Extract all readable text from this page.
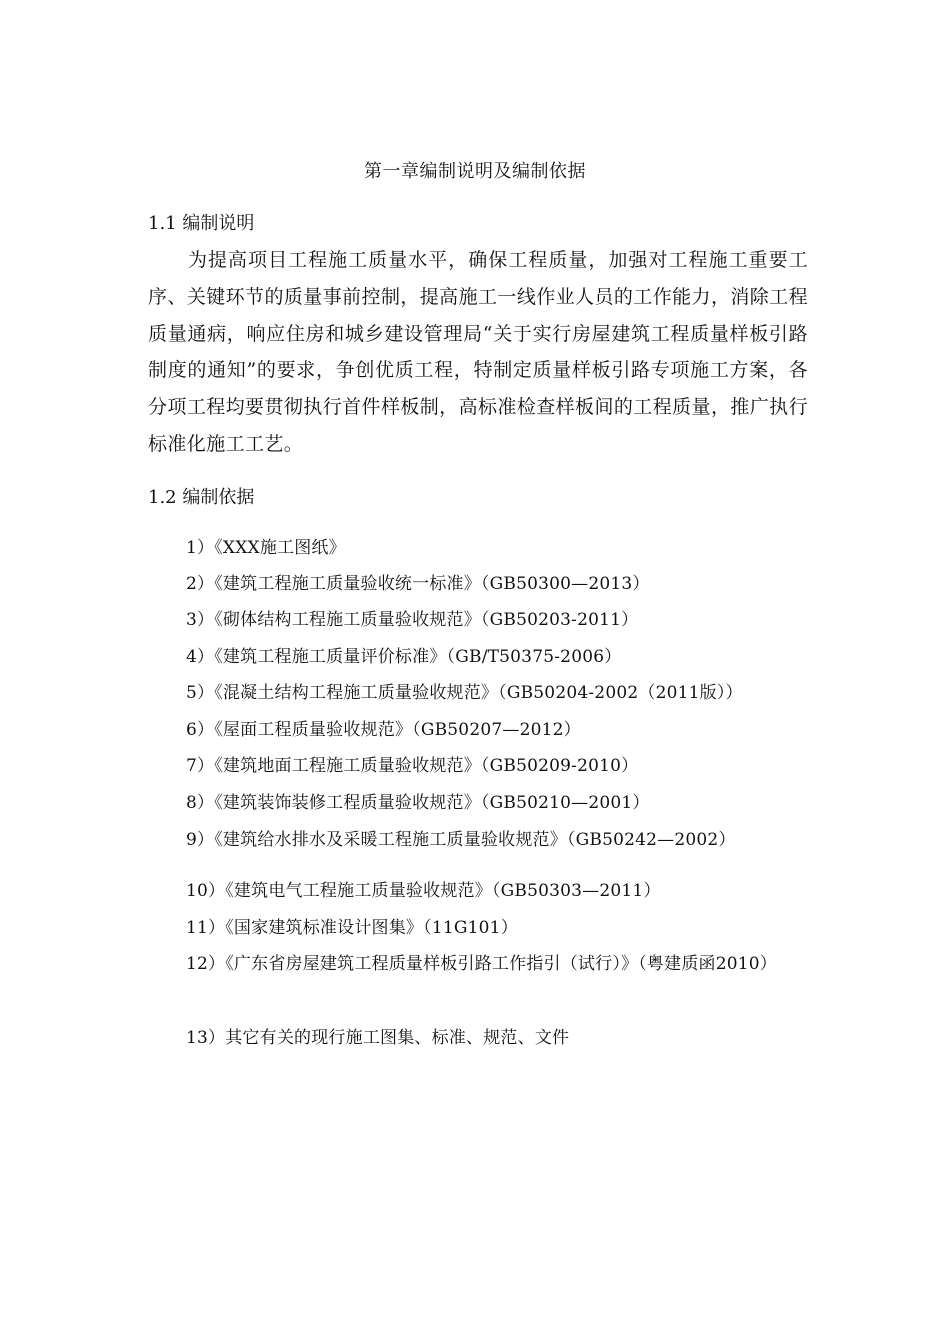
第一章编制说明及编制依据
1.1 编制说明

为提高项目工程施工质量水平，确保工程质量，加强对工程施工重要工序、关键环节的质量事前控制，提高施工一线作业人员的工作能力，消除工程质量通病，响应住房和城乡建设管理局“关于实行房屋建筑工程质量样板引路制度的通知”的要求，争创优质工程，特制定质量样板引路专项施工方案，各分项工程均要贯彻执行首件样板制，高标准检查样板间的工程质量，推广执行标准化施工工艺。

1.2 编制依据
1）《XXX施工图纸》
2）《建筑工程施工质量验收统一标准》（GB50300—2013）
3）《砌体结构工程施工质量验收规范》（GB50203-2011）
4）《建筑工程施工质量评价标准》（GB/T50375-2006）
5）《混凝土结构工程施工质量验收规范》（GB50204-2002（2011版））
6）《屋面工程质量验收规范》（GB50207—2012）
7）《建筑地面工程施工质量验收规范》（GB50209-2010）
8）《建筑装饰装修工程质量验收规范》（GB50210—2001）
9）《建筑给水排水及采暖工程施工质量验收规范》（GB50242—2002）
10）《建筑电气工程施工质量验收规范》（GB50303—2011）
11）《国家建筑标准设计图集》（11G101）

12）《广东省房屋建筑工程质量样板引路工作指引（试行）》（粤建质函2010）

13）其它有关的现行施工图集、标准、规范、文件
